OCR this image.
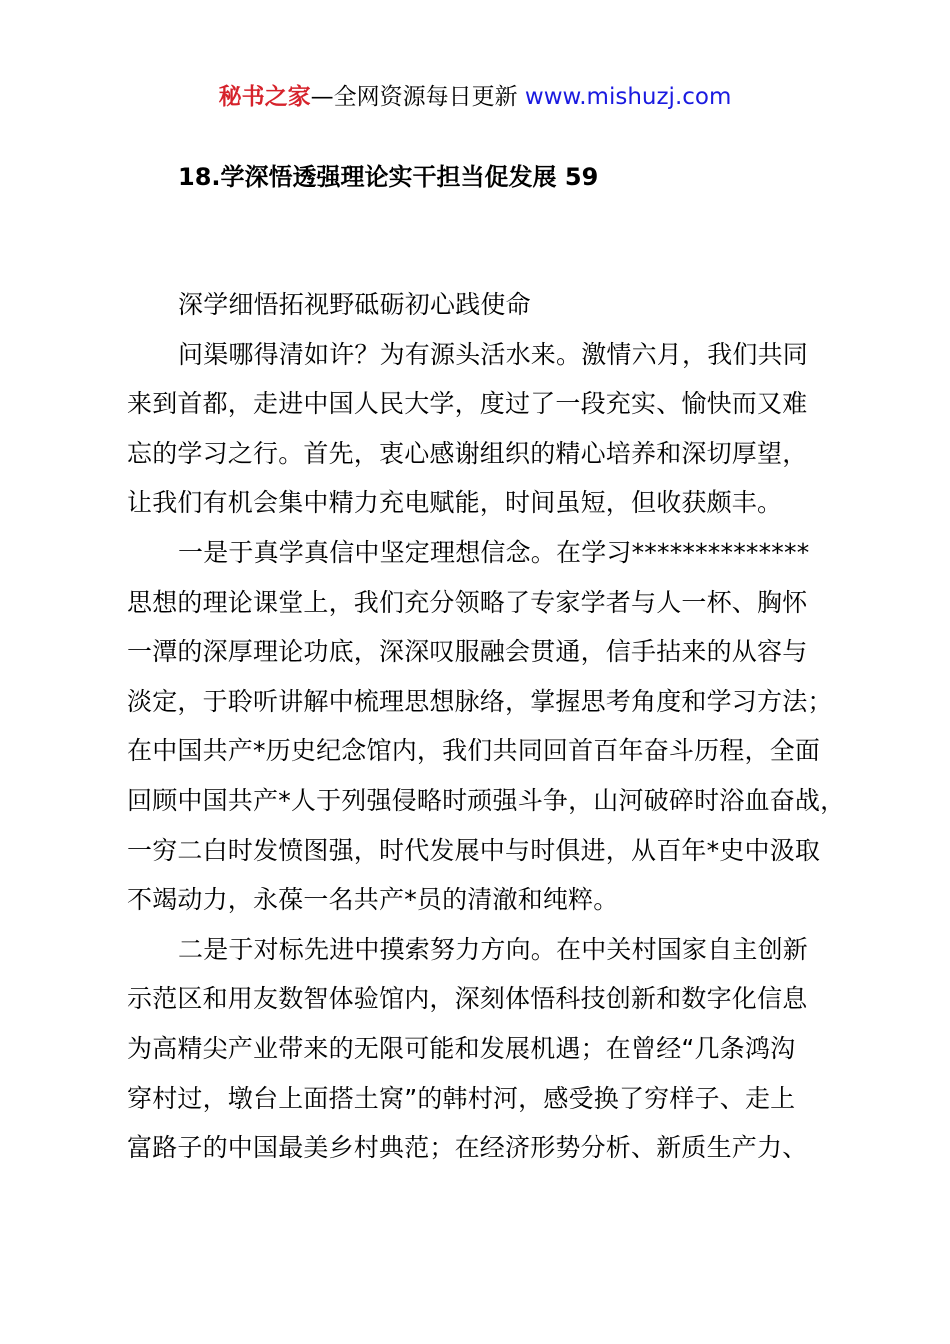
秘书之家—全网资源每日更新 www.mishuzj.com
18.学深悟透强理论实干担当促发展 59
深学细悟拓视野砥砺初心践使命
问渠哪得清如许？为有源头活水来。激情六月，我们共同
来到首都，走进中国人民大学，度过了一段充实、愉快而又难
忘的学习之行。首先，衷心感谢组织的精心培养和深切厚望，
让我们有机会集中精力充电赋能，时间虽短，但收获颇丰。
一是于真学真信中坚定理想信念。在学习**************
思想的理论课堂上，我们充分领略了专家学者与人一杯、胸怀
一潭的深厚理论功底，深深叹服融会贯通，信手拈来的从容与
淡定，于聆听讲解中梳理思想脉络，掌握思考角度和学习方法；
在中国共产*历史纪念馆内，我们共同回首百年奋斗历程，全面
回顾中国共产*人于列强侵略时顽强斗争，山河破碎时浴血奋战，
一穷二白时发愤图强，时代发展中与时俱进，从百年*史中汲取
不竭动力，永葆一名共产*员的清澈和纯粹。
二是于对标先进中摸索努力方向。在中关村国家自主创新
示范区和用友数智体验馆内，深刻体悟科技创新和数字化信息
为高精尖产业带来的无限可能和发展机遇；在曾经“几条鸿沟
穿村过，墩台上面搭土窝”的韩村河，感受换了穷样子、走上
富路子的中国最美乡村典范；在经济形势分析、新质生产力、
